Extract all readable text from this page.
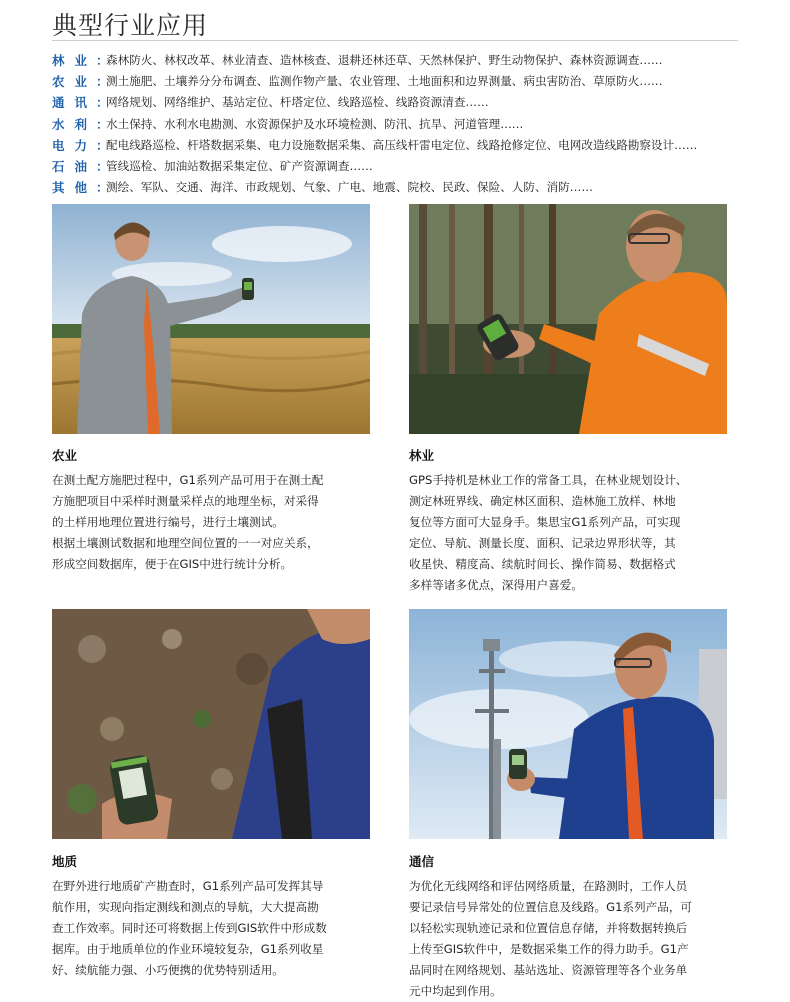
典型行业应用
林业
：
森林防火、林权改革、林业清查、造林核查、退耕还林还草、天然林保护、野生动物保护、森林资源调查……
农业
：
测土施肥、土壤养分分布调查、监测作物产量、农业管理、土地面积和边界测量、病虫害防治、草原防火……
通讯
：
网络规划、网络维护、基站定位、杆塔定位、线路巡检、线路资源清查……
水利
：
水土保持、水利水电勘测、水资源保护及水环境检测、防汛、抗旱、河道管理……
电力
：
配电线路巡检、杆塔数据采集、电力设施数据采集、高压线杆雷电定位、线路抢修定位、电网改造线路勘察设计……
石油
：
管线巡检、加油站数据采集定位、矿产资源调查……
其他
：
测绘、军队、交通、海洋、市政规划、气象、广电、地震、院校、民政、保险、人防、消防……
农业
在测土配方施肥过程中，G1系列产品可用于在测土配
方施肥项目中采样时测量采样点的地理坐标，对采得
的土样用地理位置进行编号，进行土壤测试。
根据土壤测试数据和地理空间位置的一一对应关系，
形成空间数据库，便于在GIS中进行统计分析。
林业
GPS手持机是林业工作的常备工具，在林业规划设计、
测定林班界线、确定林区面积、造林施工放样、林地
复位等方面可大显身手。集思宝G1系列产品，可实现
定位、导航、测量长度、面积、记录边界形状等，其
收星快、精度高、续航时间长、操作简易、数据格式
多样等诸多优点，深得用户喜爱。
地质
在野外进行地质矿产勘查时，G1系列产品可发挥其导
航作用，实现向指定测线和测点的导航，大大提高勘
查工作效率。同时还可将数据上传到GIS软件中形成数
据库。由于地质单位的作业环境较复杂，G1系列收星
好、续航能力强、小巧便携的优势特别适用。
通信
为优化无线网络和评估网络质量，在路测时，工作人员
要记录信号异常处的位置信息及线路。G1系列产品，可
以轻松实现轨迹记录和位置信息存储，并将数据转换后
上传至GIS软件中，是数据采集工作的得力助手。G1产
品同时在网络规划、基站选址、资源管理等各个业务单
元中均起到作用。
